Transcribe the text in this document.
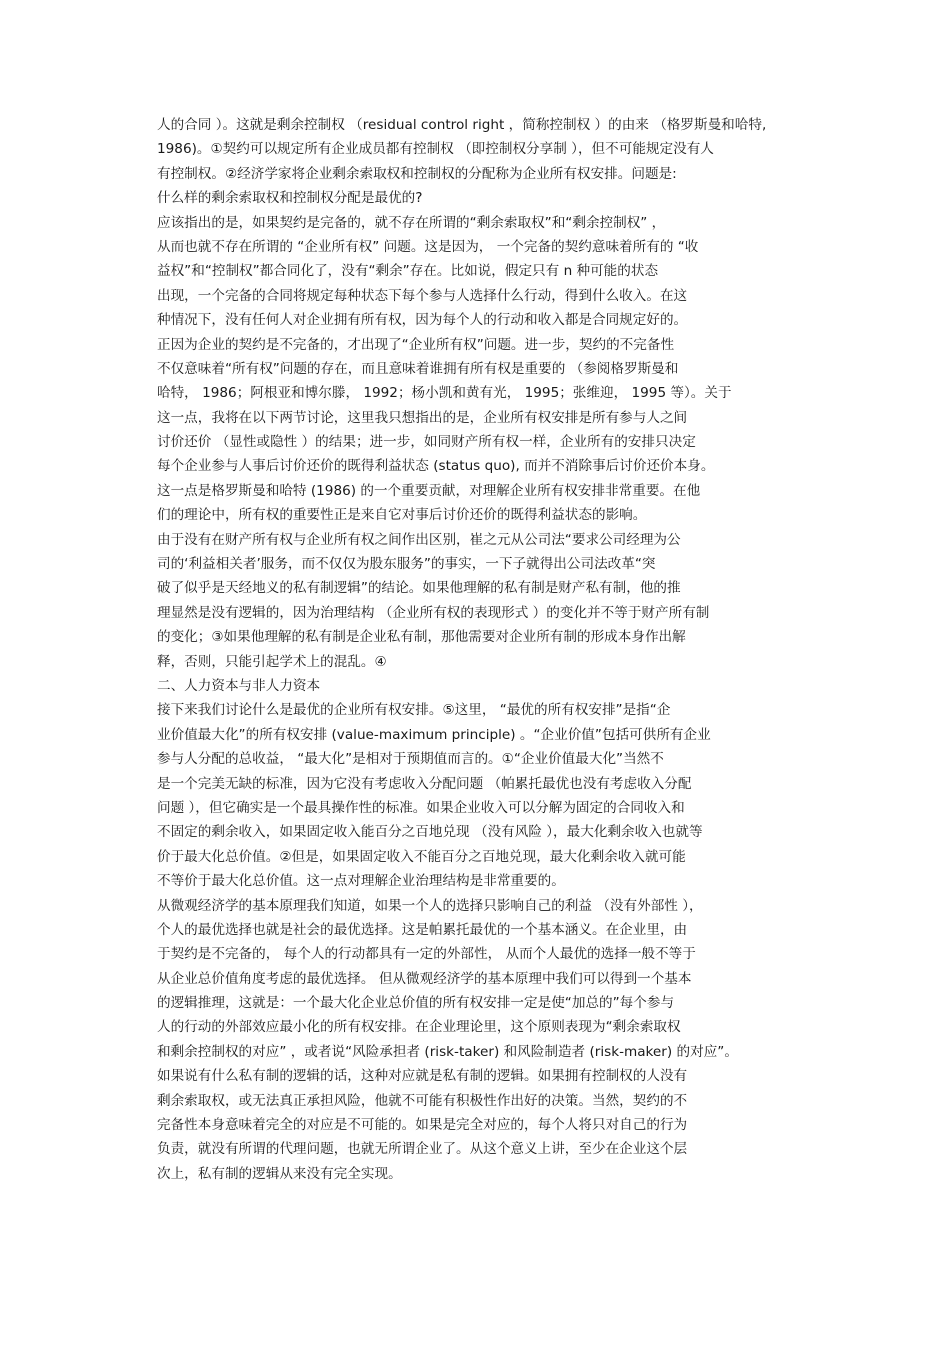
人的合同 ）。这就是剩余控制权 （residual control right ，简称控制权 ）的由来 （格罗斯曼和哈特,
1986)。①契约可以规定所有企业成员都有控制权 （即控制权分享制 ），但不可能规定没有人
有控制权。②经济学家将企业剩余索取权和控制权的分配称为企业所有权安排。问题是:
什么样的剩余索取权和控制权分配是最优的?
应该指出的是，如果契约是完备的，就不存在所谓的“剩余索取权”和“剩余控制权” ，
从而也就不存在所谓的 “企业所有权” 问题。这是因为， 一个完备的契约意味着所有的 “收
益权”和“控制权”都合同化了，没有“剩余”存在。比如说，假定只有 n 种可能的状态
出现，一个完备的合同将规定每种状态下每个参与人选择什么行动，得到什么收入。在这
种情况下，没有任何人对企业拥有所有权，因为每个人的行动和收入都是合同规定好的。
正因为企业的契约是不完备的，才出现了“企业所有权”问题。进一步，契约的不完备性
不仅意味着“所有权”问题的存在，而且意味着谁拥有所有权是重要的 （参阅格罗斯曼和
哈特， 1986；阿根亚和博尔滕， 1992；杨小凯和黄有光， 1995；张维迎， 1995 等）。关于
这一点，我将在以下两节讨论，这里我只想指出的是，企业所有权安排是所有参与人之间
讨价还价 （显性或隐性 ）的结果；进一步，如同财产所有权一样，企业所有的安排只决定
每个企业参与人事后讨价还价的既得利益状态 (status quo), 而并不消除事后讨价还价本身。
这一点是格罗斯曼和哈特 (1986) 的一个重要贡献，对理解企业所有权安排非常重要。在他
们的理论中，所有权的重要性正是来自它对事后讨价还价的既得利益状态的影响。
由于没有在财产所有权与企业所有权之间作出区别，崔之元从公司法“要求公司经理为公
司的‘利益相关者’服务，而不仅仅为股东服务”的事实，一下子就得出公司法改革“突
破了似乎是天经地义的私有制逻辑”的结论。如果他理解的私有制是财产私有制，他的推
理显然是没有逻辑的，因为治理结构 （企业所有权的表现形式 ）的变化并不等于财产所有制
的变化；③如果他理解的私有制是企业私有制，那他需要对企业所有制的形成本身作出解
释，否则，只能引起学术上的混乱。④
二、人力资本与非人力资本
接下来我们讨论什么是最优的企业所有权安排。⑤这里， “最优的所有权安排”是指“企
业价值最大化”的所有权安排 (value-maximum principle) 。“企业价值”包括可供所有企业
参与人分配的总收益， “最大化”是相对于预期值而言的。①“企业价值最大化”当然不
是一个完美无缺的标准，因为它没有考虑收入分配问题 （帕累托最优也没有考虑收入分配
问题 ），但它确实是一个最具操作性的标准。如果企业收入可以分解为固定的合同收入和
不固定的剩余收入，如果固定收入能百分之百地兑现 （没有风险 ），最大化剩余收入也就等
价于最大化总价值。②但是，如果固定收入不能百分之百地兑现，最大化剩余收入就可能
不等价于最大化总价值。这一点对理解企业治理结构是非常重要的。
从微观经济学的基本原理我们知道，如果一个人的选择只影响自己的利益 （没有外部性 ），
个人的最优选择也就是社会的最优选择。这是帕累托最优的一个基本涵义。在企业里，由
于契约是不完备的， 每个人的行动都具有一定的外部性， 从而个人最优的选择一般不等于
从企业总价值角度考虑的最优选择。 但从微观经济学的基本原理中我们可以得到一个基本
的逻辑推理，这就是：一个最大化企业总价值的所有权安排一定是使“加总的”每个参与
人的行动的外部效应最小化的所有权安排。在企业理论里，这个原则表现为“剩余索取权
和剩余控制权的对应” ，或者说“风险承担者 (risk-taker) 和风险制造者 (risk-maker) 的对应”。
如果说有什么私有制的逻辑的话，这种对应就是私有制的逻辑。如果拥有控制权的人没有
剩余索取权，或无法真正承担风险，他就不可能有积极性作出好的决策。当然，契约的不
完备性本身意味着完全的对应是不可能的。如果是完全对应的，每个人将只对自己的行为
负责，就没有所谓的代理问题，也就无所谓企业了。从这个意义上讲，至少在企业这个层
次上，私有制的逻辑从来没有完全实现。
